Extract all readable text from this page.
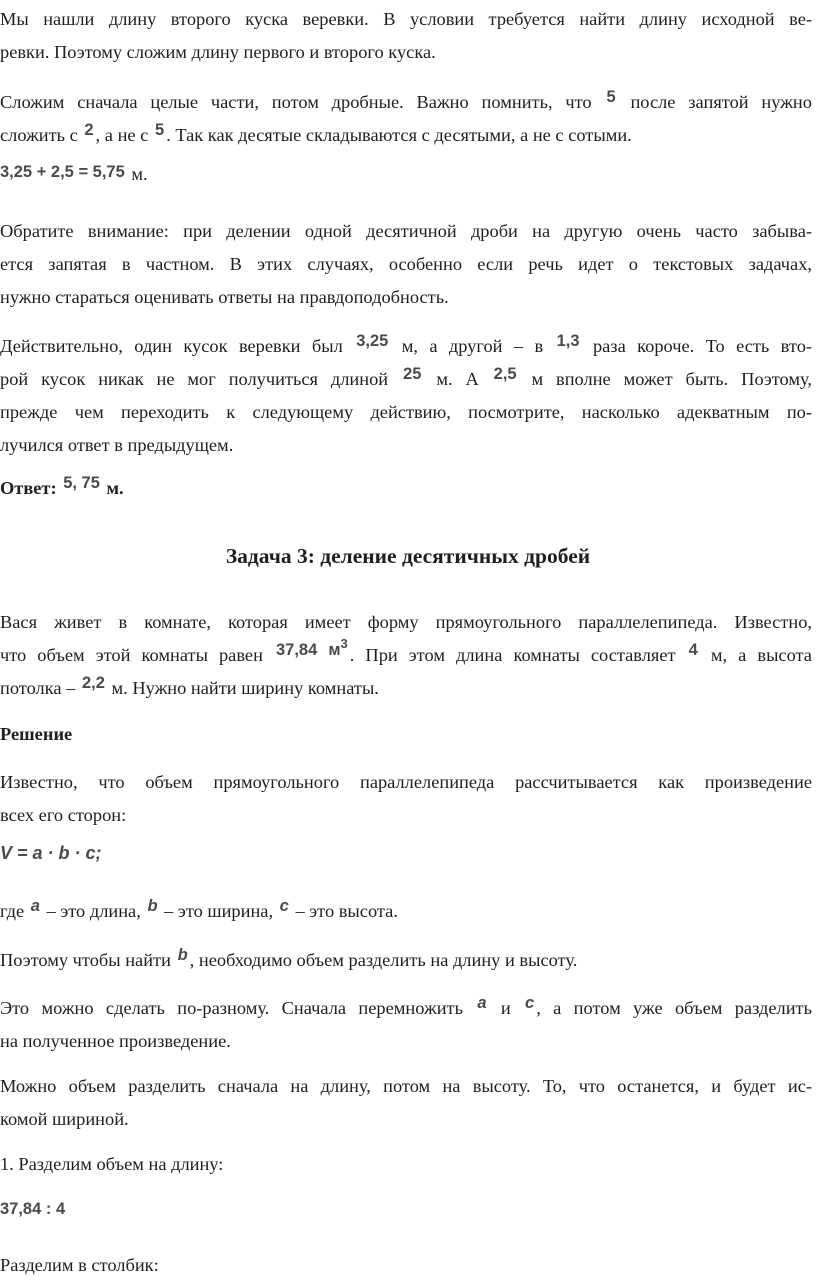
Мы нашли длину второго куска веревки. В условии требуется найти длину исходной ве-
ревки. Поэтому сложим длину первого и второго куска.
Сложим сначала целые части, потом дробные. Важно помнить, что 5 после запятой нужно
сложить с 2 , а не с 5 . Так как десятые складываются с десятыми, а не с сотыми.
3,25 + 2,5 = 5,75 м.
Обратите внимание: при делении одной десятичной дроби на другую очень часто забыва-
ется запятая в частном. В этих случаях, особенно если речь идет о текстовых задачах,
нужно стараться оценивать ответы на правдоподобность.
Действительно, один кусок веревки был 3,25 м, а другой – в 1,3 раза короче. То есть вто-
рой кусок никак не мог получиться длиной 25 м. А 2,5 м вполне может быть. Поэтому,
прежде чем переходить к следующему действию, посмотрите, насколько адекватным по-
лучился ответ в предыдущем.
Ответ: 5, 75 м.
Задача 3: деление десятичных дробей
Вася живет в комнате, которая имеет форму прямоугольного параллелепипеда. Известно,
что объем этой комнаты равен 37,84 $м^3$. При этом длина комнаты составляет 4 м, а высота
потолка – 2,2 м. Нужно найти ширину комнаты.
Решение
Известно, что объем прямоугольного параллелепипеда рассчитывается как произведение
всех его сторон:
V = a · b · c;
где a – это длина, b – это ширина, c – это высота.
Поэтому чтобы найти b , необходимо объем разделить на длину и высоту.
Это можно сделать по-разному. Сначала перемножить a и c , а потом уже объем разделить
на полученное произведение.
Можно объем разделить сначала на длину, потом на высоту. То, что останется, и будет ис-
комой шириной.
1. Разделим объем на длину:
37,84 : 4
Разделим в столбик:
